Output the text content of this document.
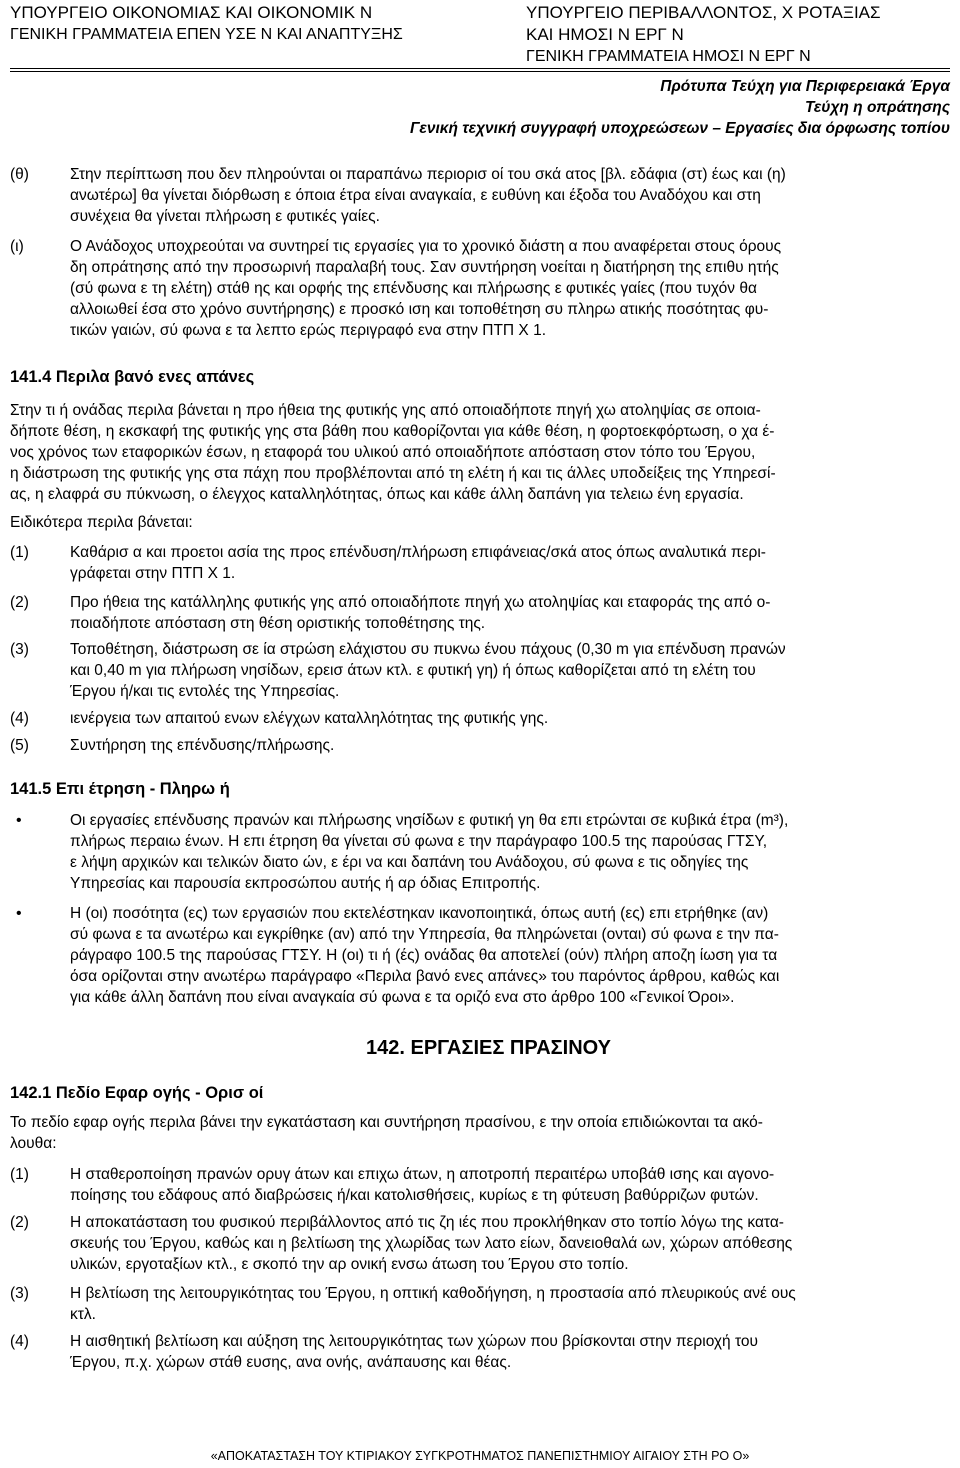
ΥΠΟΥΡΓΕΙΟ ΟΙΚΟΝΟΜΙΑΣ ΚΑΙ ΟΙΚΟΝΟΜΙΚ Ν
ΓΕΝΙΚΗ ΓΡΑΜΜΑΤΕΙΑ ΕΠΕΝ ΥΣΕ Ν ΚΑΙ ΑΝΑΠΤΥΞΗΣ
ΥΠΟΥΡΓΕΙΟ ΠΕΡΙΒΑΛΛΟΝΤΟΣ, Χ ΡΟΤΑΞΙΑΣ
ΚΑΙ ΗΜΟΣΙ Ν ΕΡΓ Ν
ΓΕΝΙΚΗ ΓΡΑΜΜΑΤΕΙΑ ΗΜΟΣΙ Ν ΕΡΓ Ν
Πρότυπα Τεύχη για Περιφερειακά Έργα
Τεύχη η οπράτησης
Γενική τεχνική συγγραφή υποχρεώσεων – Εργασίες δια όρφωσης τοπίου
(θ)	Στην περίπτωση που δεν πληρούνται οι παραπάνω περιορισ οί του σκά ατος [βλ. εδάφια (στ) έως και (η)
ανωτέρω] θα γίνεται διόρθωση ε όποια έτρα είναι αναγκαία, ε ευθύνη και έξοδα του Αναδόχου και στη
συνέχεια θα γίνεται πλήρωση ε φυτικές γαίες.
(ι)	Ο Ανάδοχος υποχρεούται να συντηρεί τις εργασίες για το χρονικό διάστη α που αναφέρεται στους όρους
δη οπράτησης από την προσωρινή παραλαβή τους. Σαν συντήρηση νοείται η διατήρηση της επιθυ ητής
(σύ φωνα ε τη ελέτη) στάθ ης και ορφής της επένδυσης και πλήρωσης ε φυτικές γαίες (που τυχόν θα
αλλοιωθεί έσα στο χρόνο συντήρησης) ε προσκό ιση και τοποθέτηση συ πληρω ατικής ποσότητας φυ-
τικών γαιών, σύ φωνα ε τα λεπτο ερώς περιγραφό ενα στην ΠΤΠ Χ 1.
141.4 Περιλα βανό ενες απάνες
Στην τι ή ονάδας περιλα βάνεται η προ ήθεια της φυτικής γης από οποιαδήποτε πηγή χω ατοληψίας σε οποια-
δήποτε θέση, η εκσκαφή της φυτικής γης στα βάθη που καθορίζονται για κάθε θέση, η φορτοεκφόρτωση, ο χα έ-
νος χρόνος των εταφορικών έσων, η εταφορά του υλικού από οποιαδήποτε απόσταση στον τόπο του Έργου,
η διάστρωση της φυτικής γης στα πάχη που προβλέπονται από τη ελέτη ή και τις άλλες υποδείξεις της Υπηρεσί-
ας, η ελαφρά συ πύκνωση, ο έλεγχος καταλληλότητας, όπως και κάθε άλλη δαπάνη για τελειω ένη εργασία.
Ειδικότερα περιλα βάνεται:
(1)	Καθάρισ α και προετοι ασία της προς επένδυση/πλήρωση επιφάνειας/σκά ατος όπως αναλυτικά περι-
γράφεται στην ΠΤΠ Χ 1.
(2)	Προ ήθεια της κατάλληλης φυτικής γης από οποιαδήποτε πηγή χω ατοληψίας και εταφοράς της από ο-
ποιαδήποτε απόσταση στη θέση οριστικής τοποθέτησης της.
(3)	Τοποθέτηση, διάστρωση σε ία στρώση ελάχιστου συ πυκνω ένου πάχους (0,30 m για επένδυση πρανών
και 0,40 m για πλήρωση νησίδων, ερεισ άτων κτλ. ε φυτική γη) ή όπως καθορίζεται από τη ελέτη του
Έργου ή/και τις εντολές της Υπηρεσίας.
(4)	ιενέργεια των απαιτού ενων ελέγχων καταλληλότητας της φυτικής γης.
(5)	Συντήρηση της επένδυσης/πλήρωσης.
141.5 Επι έτρηση - Πληρω ή
•	Οι εργασίες επένδυσης πρανών και πλήρωσης νησίδων ε φυτική γη θα επι ετρώνται σε κυβικά έτρα (m³),
πλήρως περαιω ένων. Η επι έτρηση θα γίνεται σύ φωνα ε την παράγραφο 100.5 της παρούσας ΓΤΣΥ,
ε λήψη αρχικών και τελικών διατο ών, ε έρι να και δαπάνη του Ανάδοχου, σύ φωνα ε τις οδηγίες της
Υπηρεσίας και παρουσία εκπροσώπου αυτής ή αρ όδιας Επιτροπής.
•	Η (οι) ποσότητα (ες) των εργασιών που εκτελέστηκαν ικανοποιητικά, όπως αυτή (ες) επι ετρήθηκε (αν)
σύ φωνα ε τα ανωτέρω και εγκρίθηκε (αν) από την Υπηρεσία, θα πληρώνεται (ονται) σύ φωνα ε την πα-
ράγραφο 100.5 της παρούσας ΓΤΣΥ. Η (οι) τι ή (ές) ονάδας θα αποτελεί (ούν) πλήρη αποζη ίωση για τα
όσα ορίζονται στην ανωτέρω παράγραφο «Περιλα βανό ενες απάνες» του παρόντος άρθρου, καθώς και
για κάθε άλλη δαπάνη που είναι αναγκαία σύ φωνα ε τα οριζό ενα στο άρθρο 100 «Γενικοί Όροι».
142. ΕΡΓΑΣΙΕΣ ΠΡΑΣΙΝΟΥ
142.1 Πεδίο Εφαρ ογής - Ορισ οί
Το πεδίο εφαρ ογής περιλα βάνει την εγκατάσταση και συντήρηση πρασίνου, ε την οποία επιδιώκονται τα ακό-
λουθα:
(1)	Η σταθεροποίηση πρανών ορυγ άτων και επιχω άτων, η αποτροπή περαιτέρω υποβάθ ισης και αγονο-
ποίησης του εδάφους από διαβρώσεις ή/και κατολισθήσεις, κυρίως ε τη φύτευση βαθύρριζων φυτών.
(2)	Η αποκατάσταση του φυσικού περιβάλλοντος από τις ζη ιές που προκλήθηκαν στο τοπίο λόγω της κατα-
σκευής του Έργου, καθώς και η βελτίωση της χλωρίδας των λατο είων, δανειοθαλά ων, χώρων απόθεσης
υλικών, εργοταξίων κτλ., ε σκοπό την αρ ονική ενσω άτωση του Έργου στο τοπίο.
(3)	Η βελτίωση της λειτουργικότητας του Έργου, η οπτική καθοδήγηση, η προστασία από πλευρικούς ανέ ους
κτλ.
(4)	Η αισθητική βελτίωση και αύξηση της λειτουργικότητας των χώρων που βρίσκονται στην περιοχή του
Έργου, π.χ. χώρων στάθ ευσης, ανα ονής, ανάπαυσης και θέας.
«ΑΠΟΚΑΤΑΣΤΑΣΗ ΤΟΥ ΚΤΙΡΙΑΚΟΥ ΣΥΓΚΡΟΤΗΜΑΤΟΣ ΠΑΝΕΠΙΣΤΗΜΙΟΥ ΑΙΓΑΙΟΥ ΣΤΗ ΡΟ Ο»
